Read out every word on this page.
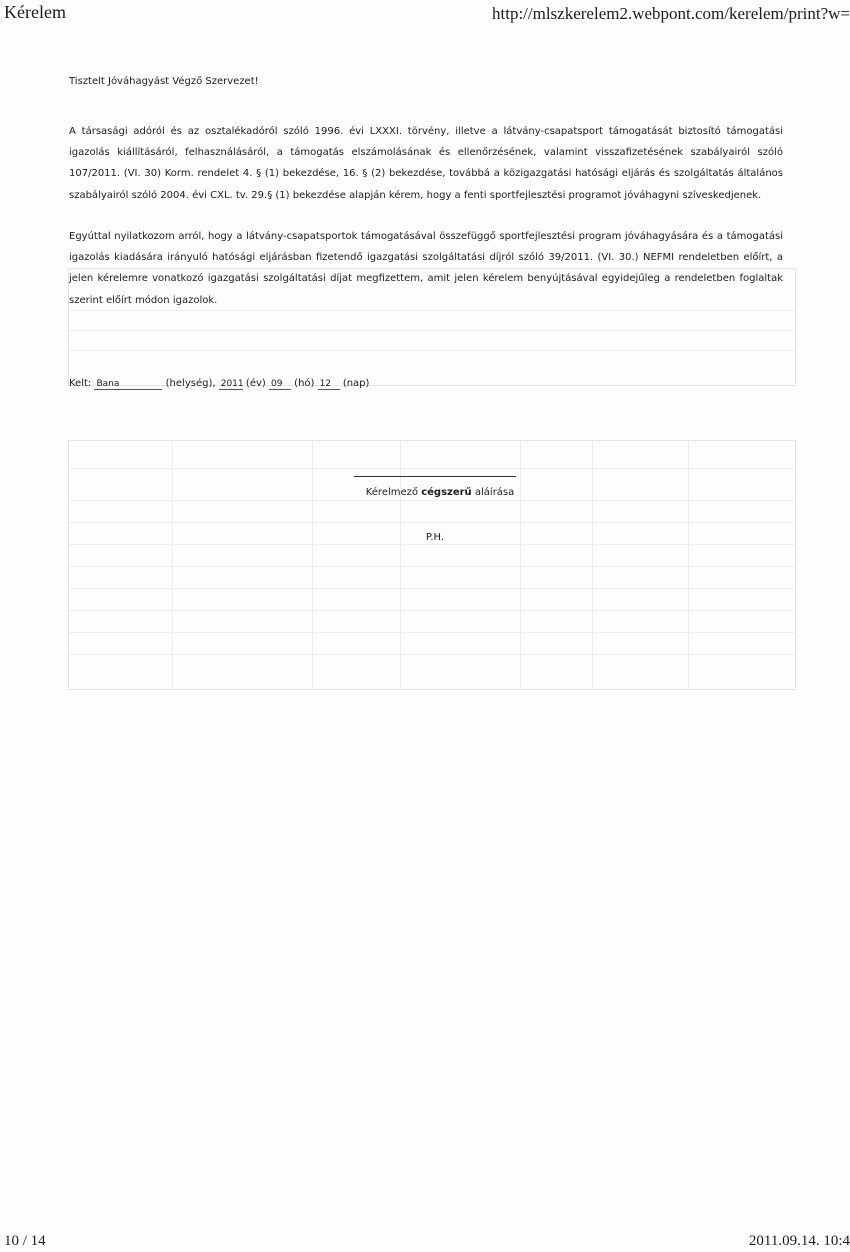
Kérelem	http://mlszkerelem2.webpont.com/kerelem/print?w=
Tisztelt Jóváhagyást Végző Szervezet!
A társasági adóról és az osztalékadóról szóló 1996. évi LXXXI. törvény, illetve a látvány-csapatsport támogatását biztosító támogatási igazolás kiállításáról, felhasználásáról, a támogatás elszámolásának és ellenőrzésének, valamint visszafizetésének szabályairól szóló 107/2011. (VI. 30) Korm. rendelet 4. § (1) bekezdése, 16. § (2) bekezdése, továbbá a közigazgatási hatósági eljárás és szolgáltatás általános szabályairól szóló 2004. évi CXL. tv. 29.§ (1) bekezdése alapján kérem, hogy a fenti sportfejlesztési programot jóváhagyni szíveskedjenek.
Egyúttal nyilatkozom arról, hogy a látvány-csapatsportok támogatásával összefüggő sportfejlesztési program jóváhagyására és a támogatási igazolás kiadására irányuló hatósági eljárásban fizetendő igazgatási szolgáltatási díjról szóló 39/2011. (VI. 30.) NEFMI rendeletben előírt, a jelen kérelemre vonatkozó igazgatási szolgáltatási díjat megfizettem, amit jelen kérelem benyújtásával egyidejűleg a rendeletben foglaltak szerint előírt módon igazolok.
Kelt: Bana	(helység), 2011 (év) 09 (hó) 12 (nap)
Kérelmező cégszerű aláírása
P.H.
10 / 14	2011.09.14. 10:4
